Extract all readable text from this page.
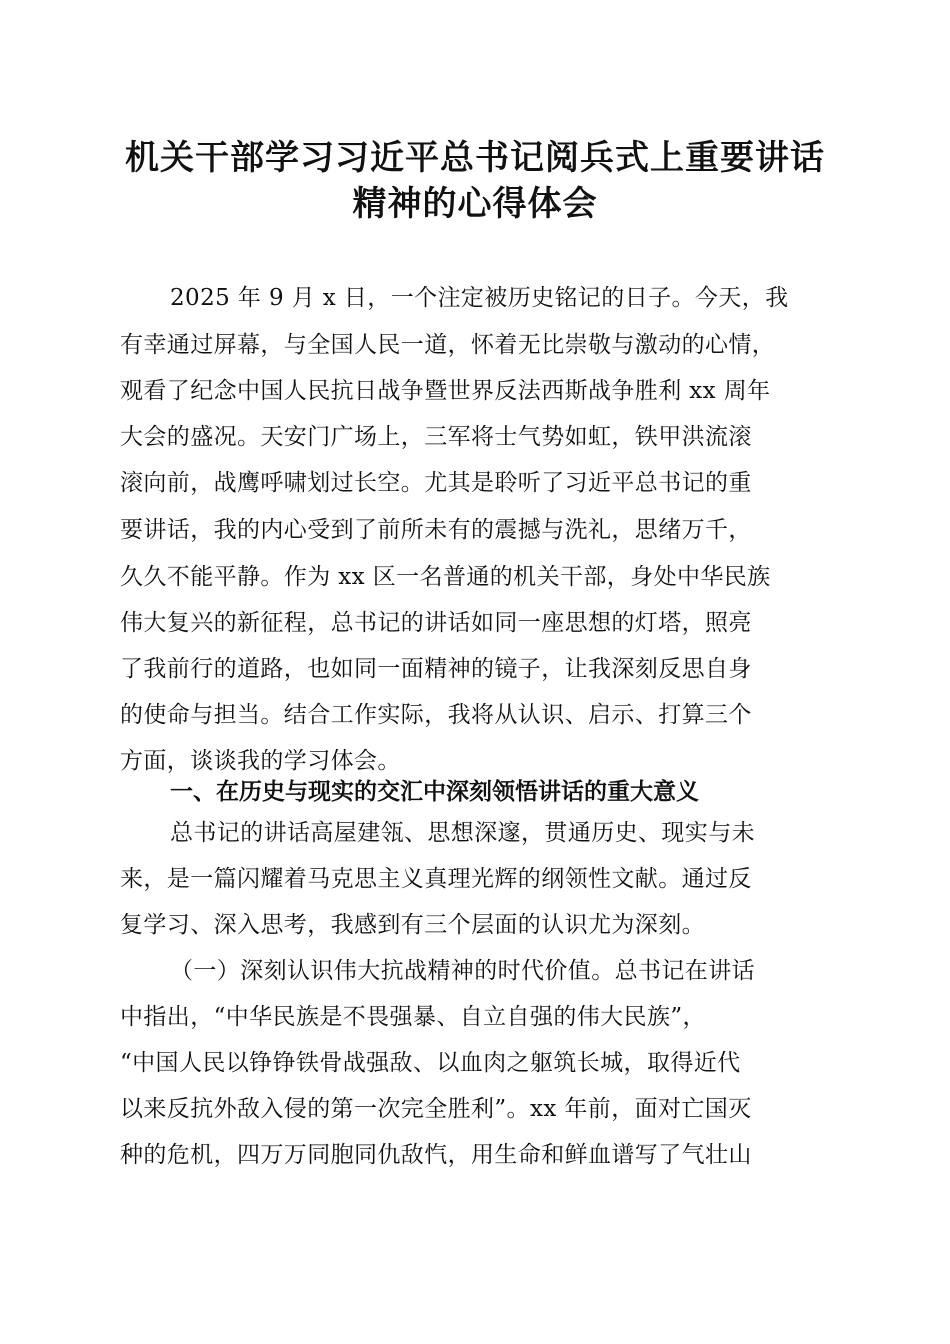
机关干部学习习近平总书记阅兵式上重要讲话
精神的心得体会
2025 年 9 月 x 日，一个注定被历史铭记的日子。今天，我
有幸通过屏幕，与全国人民一道，怀着无比崇敬与激动的心情，
观看了纪念中国人民抗日战争暨世界反法西斯战争胜利 xx 周年
大会的盛况。天安门广场上，三军将士气势如虹，铁甲洪流滚
滚向前，战鹰呼啸划过长空。尤其是聆听了习近平总书记的重
要讲话，我的内心受到了前所未有的震撼与洗礼，思绪万千，
久久不能平静。作为 xx 区一名普通的机关干部，身处中华民族
伟大复兴的新征程，总书记的讲话如同一座思想的灯塔，照亮
了我前行的道路，也如同一面精神的镜子，让我深刻反思自身
的使命与担当。结合工作实际，我将从认识、启示、打算三个
方面，谈谈我的学习体会。
一、在历史与现实的交汇中深刻领悟讲话的重大意义
总书记的讲话高屋建瓴、思想深邃，贯通历史、现实与未
来，是一篇闪耀着马克思主义真理光辉的纲领性文献。通过反
复学习、深入思考，我感到有三个层面的认识尤为深刻。
（一）深刻认识伟大抗战精神的时代价值。总书记在讲话
中指出，“中华民族是不畏强暴、自立自强的伟大民族”，
“中国人民以铮铮铁骨战强敌、以血肉之躯筑长城，取得近代
以来反抗外敌入侵的第一次完全胜利”。xx 年前，面对亡国灭
种的危机，四万万同胞同仇敌忾，用生命和鲜血谱写了气壮山
